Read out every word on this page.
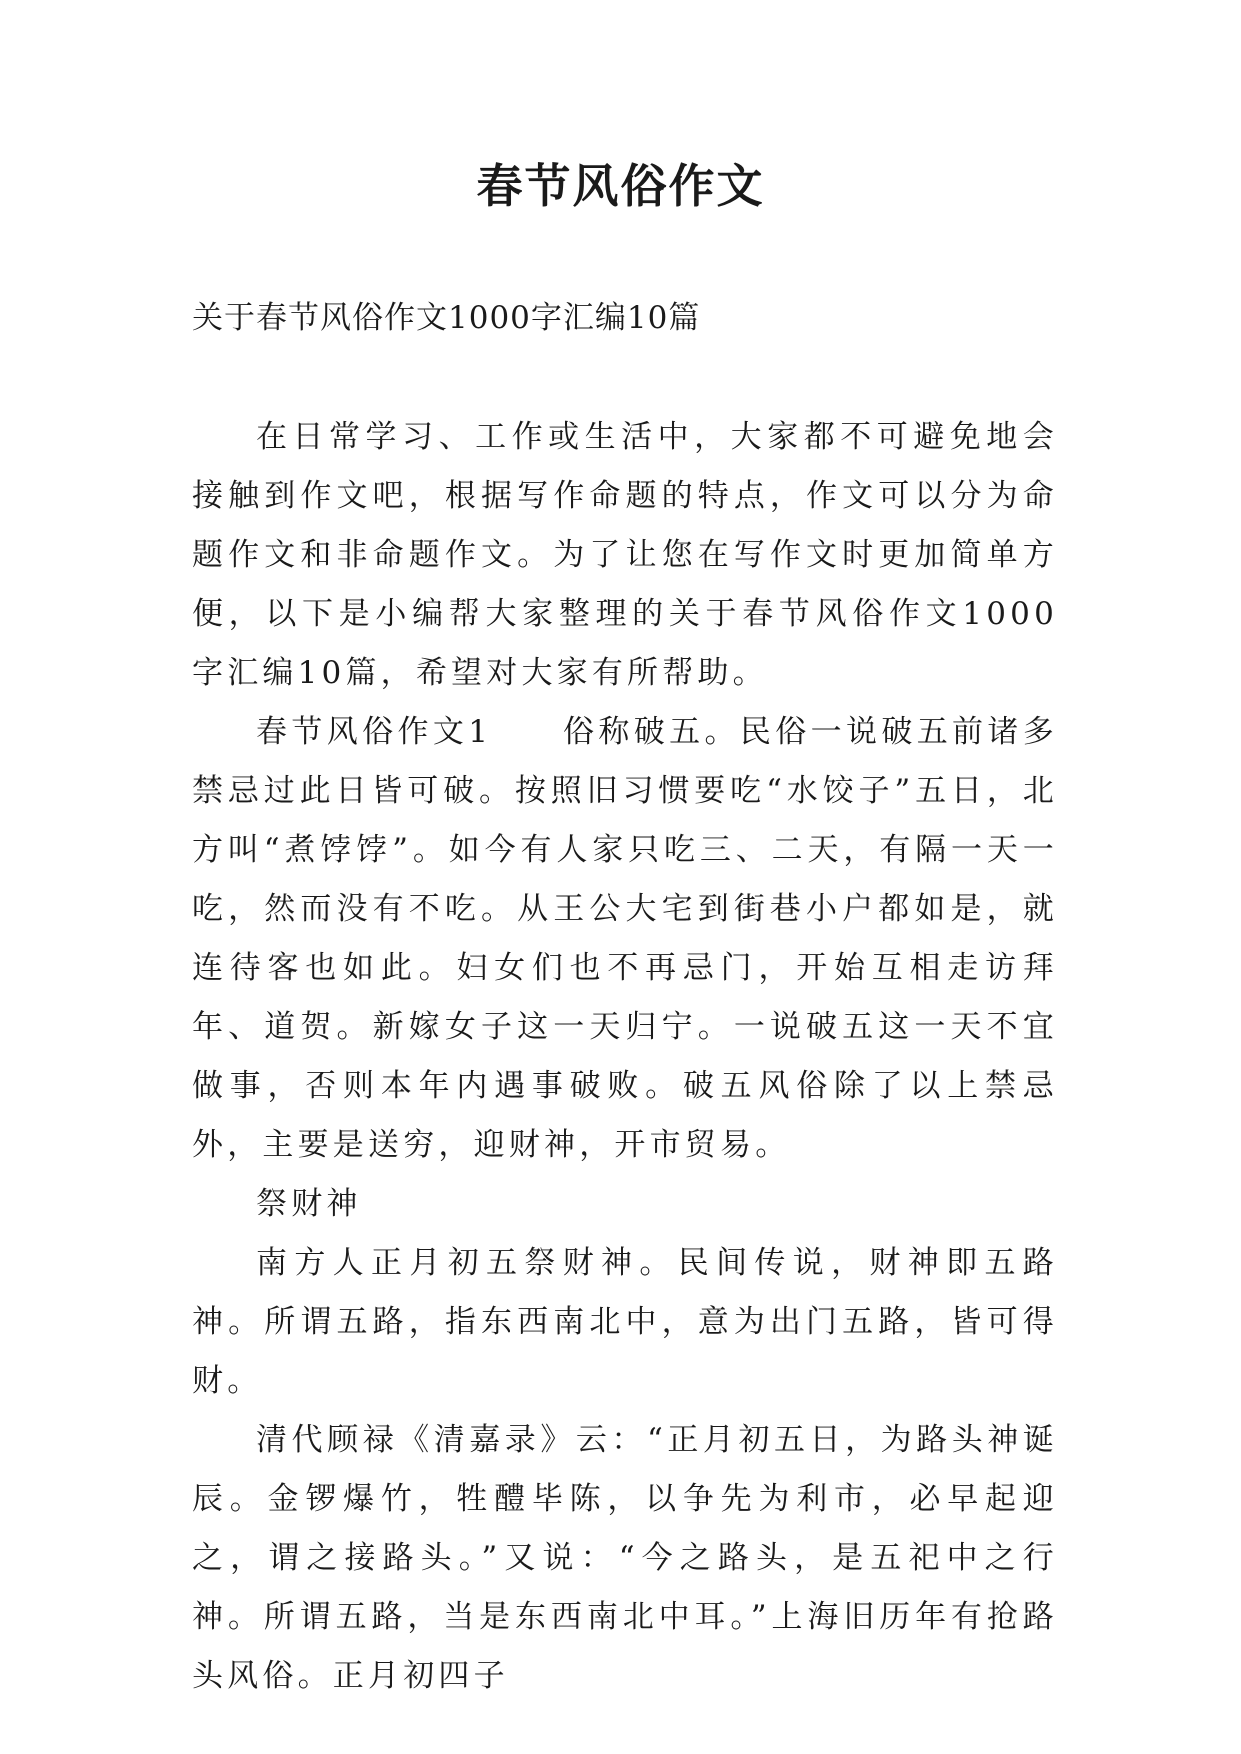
春节风俗作文

关于春节风俗作文1000字汇编10篇

在日常学习、工作或生活中，大家都不可避免地会接触到作文吧，根据写作命题的特点，作文可以分为命题作文和非命题作文。为了让您在写作文时更加简单方便，以下是小编帮大家整理的关于春节风俗作文1000字汇编10篇，希望对大家有所帮助。

春节风俗作文1　　俗称破五。民俗一说破五前诸多禁忌过此日皆可破。按照旧习惯要吃“水饺子”五日，北方叫“煮饽饽”。如今有人家只吃三、二天，有隔一天一吃，然而没有不吃。从王公大宅到街巷小户都如是，就连待客也如此。妇女们也不再忌门，开始互相走访拜年、道贺。新嫁女子这一天归宁。一说破五这一天不宜做事，否则本年内遇事破败。破五风俗除了以上禁忌外，主要是送穷，迎财神，开市贸易。

祭财神

南方人正月初五祭财神。民间传说，财神即五路神。所谓五路，指东西南北中，意为出门五路，皆可得财。

清代顾禄《清嘉录》云：“正月初五日，为路头神诞辰。金锣爆竹，牲醴毕陈，以争先为利市，必早起迎之，谓之接路头。”又说：“今之路头，是五祀中之行神。所谓五路，当是东西南北中耳。”上海旧历年有抢路头风俗。正月初四子
